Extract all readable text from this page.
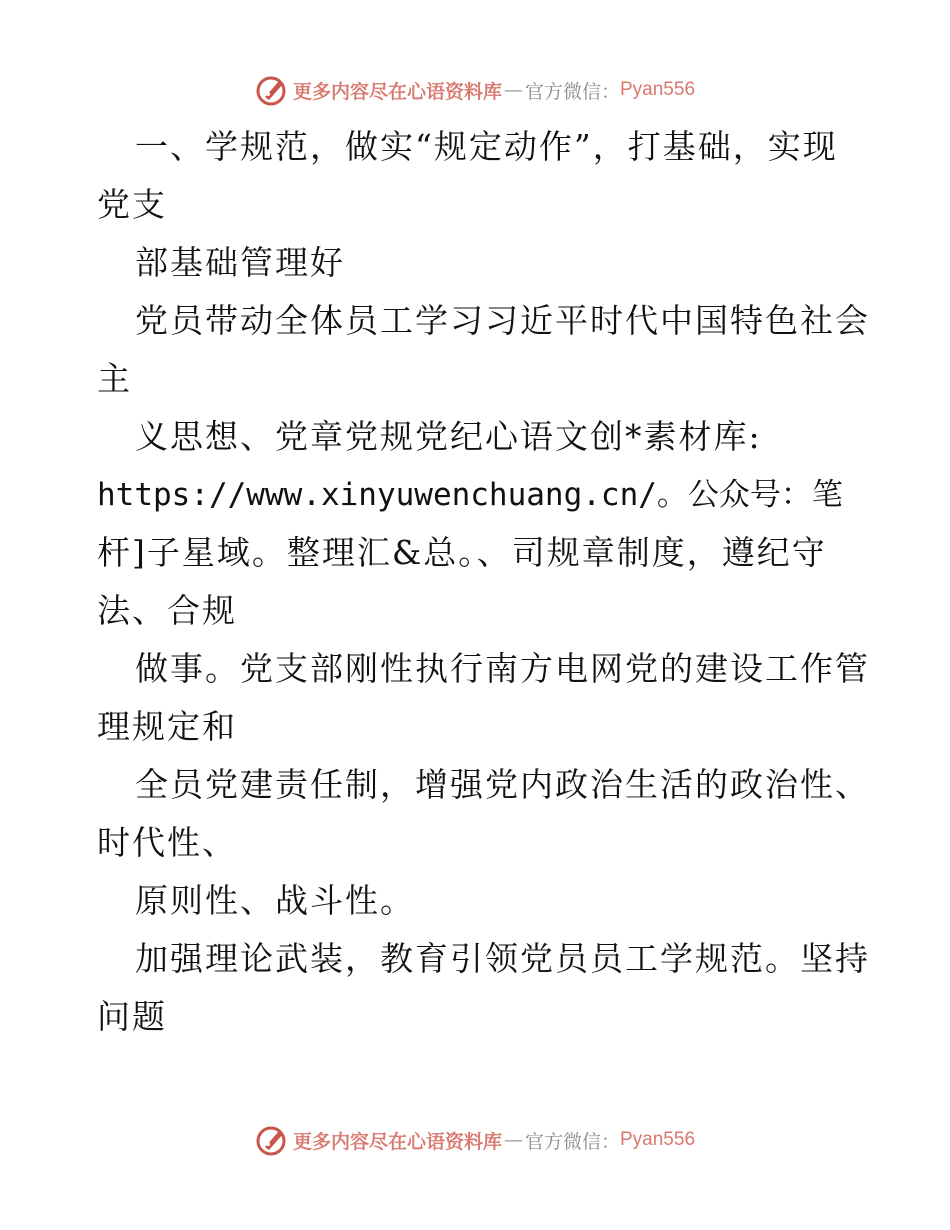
更多内容尽在心语资料库 — 官方微信： Pyan556
一、学规范，做实“规定动作”，打基础，实现
党支
部基础管理好
党员带动全体员工学习习近平时代中国特色社会
主
义思想、党章党规党纪心语文创*素材库:
https://www.xinyuwenchuang.cn/。公众号：笔
杆]子星域。整理汇&总。、司规章制度，遵纪守
法、合规
做事。党支部刚性执行南方电网党的建设工作管
理规定和
全员党建责任制，增强党内政治生活的政治性、
时代性、
原则性、战斗性。
加强理论武装，教育引领党员员工学规范。坚持
问题
更多内容尽在心语资料库 — 官方微信： Pyan556
